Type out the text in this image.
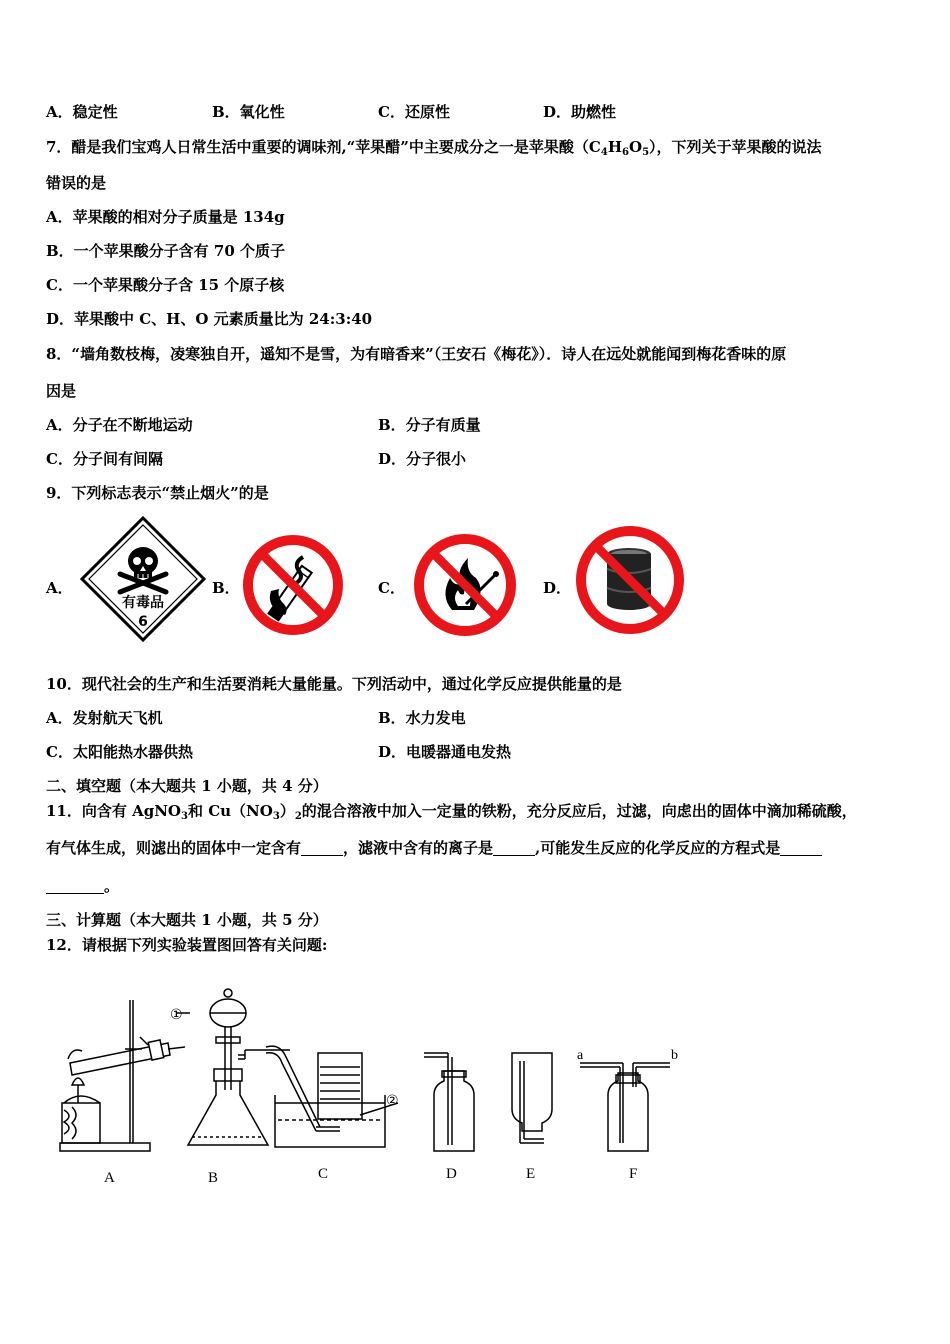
A．稳定性	B．氧化性	C．还原性	D．助燃性
7．醋是我们宝鸡人日常生活中重要的调味剂,“苹果醋”中主要成分之一是苹果酸$(C_4H_6O_5)$，下列关于苹果酸的说法
错误的是
A．苹果酸的相对分子质量是 134g
B．一个苹果酸分子含有 70 个质子
C．一个苹果酸分子含 15 个原子核
D．苹果酸中 C、H、O 元素质量比为 24:3:40
8．“墙角数枝梅，凌寒独自开，遥知不是雪，为有暗香来”（王安石《梅花》）．诗人在远处就能闻到梅花香味的原
因是
A．分子在不断地运动	B．分子有质量
C．分子间有间隔	D．分子很小
9．下列标志表示“禁止烟火”的是
A．	B．	C．	D．
有毒品
6
10．现代社会的生产和生活要消耗大量能量。下列活动中，通过化学反应提供能量的是
A．发射航天飞机	B．水力发电
C．太阳能热水器供热	D．电暖器通电发热
二、填空题（本大题共 1 小题，共 4 分）
11．向含有 AgNO$_3$和 $Cu(NO_3)_2$的混合溶液中加入一定量的铁粉，充分反应后，过滤，向虑出的固体中滴加稀硫酸，
有气体生成，则滤出的固体中一定含有	，滤液中含有的离子是	,可能发生反应的化学反应的方程式是
。
三、计算题（本大题共 1 小题，共 5 分）
12．请根据下列实验装置图回答有关问题:
①
②
a	b
A	B	C	D	E	F
